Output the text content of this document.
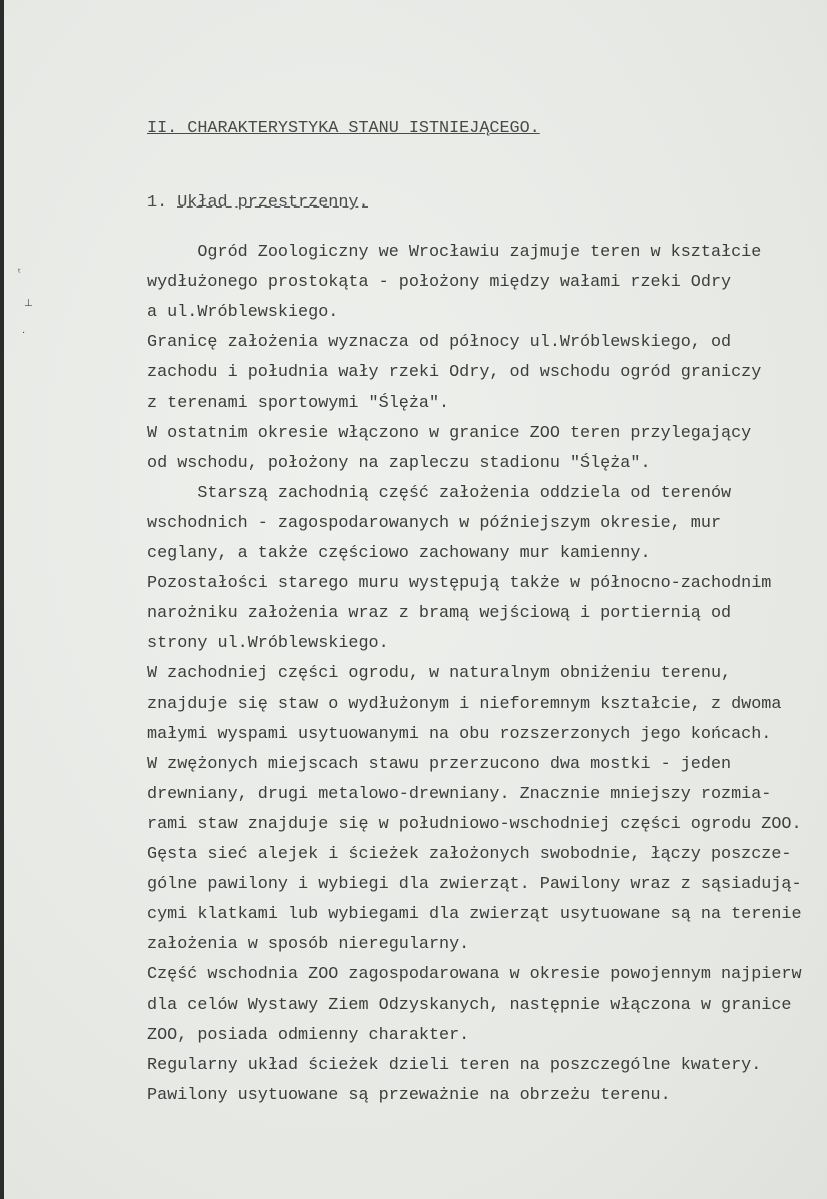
ᵗ
⊥
·
II. CHARAKTERYSTYKA STANU ISTNIEJĄCEGO.
1. Układ przestrzenny.
Ogród Zoologiczny we Wrocławiu zajmuje teren w kształcie
wydłużonego prostokąta - położony między wałami rzeki Odry
a ul.Wróblewskiego.
Granicę założenia wyznacza od północy ul.Wróblewskiego, od
zachodu i południa wały rzeki Odry, od wschodu ogród graniczy
z terenami sportowymi "Ślęża".
W ostatnim okresie włączono w granice ZOO teren przylegający
od wschodu, położony na zapleczu stadionu "Ślęża".
Starszą zachodnią część założenia oddziela od terenów
wschodnich - zagospodarowanych w późniejszym okresie, mur
ceglany, a także częściowo zachowany mur kamienny.
Pozostałości starego muru występują także w północno-zachodnim
narożniku założenia wraz z bramą wejściową i portiernią od
strony ul.Wróblewskiego.
W zachodniej części ogrodu, w naturalnym obniżeniu terenu,
znajduje się staw o wydłużonym i nieforemnym kształcie, z dwoma
małymi wyspami usytuowanymi na obu rozszerzonych jego końcach.
W zwężonych miejscach stawu przerzucono dwa mostki - jeden
drewniany, drugi metalowo-drewniany. Znacznie mniejszy rozmia-
rami staw znajduje się w południowo-wschodniej części ogrodu ZOO.
Gęsta sieć alejek i ścieżek założonych swobodnie, łączy poszcze-
gólne pawilony i wybiegi dla zwierząt. Pawilony wraz z sąsiadują-
cymi klatkami lub wybiegami dla zwierząt usytuowane są na terenie
założenia w sposób nieregularny.
Część wschodnia ZOO zagospodarowana w okresie powojennym najpierw
dla celów Wystawy Ziem Odzyskanych, następnie włączona w granice
ZOO, posiada odmienny charakter.
Regularny układ ścieżek dzieli teren na poszczególne kwatery.
Pawilony usytuowane są przeważnie na obrzeżu terenu.
